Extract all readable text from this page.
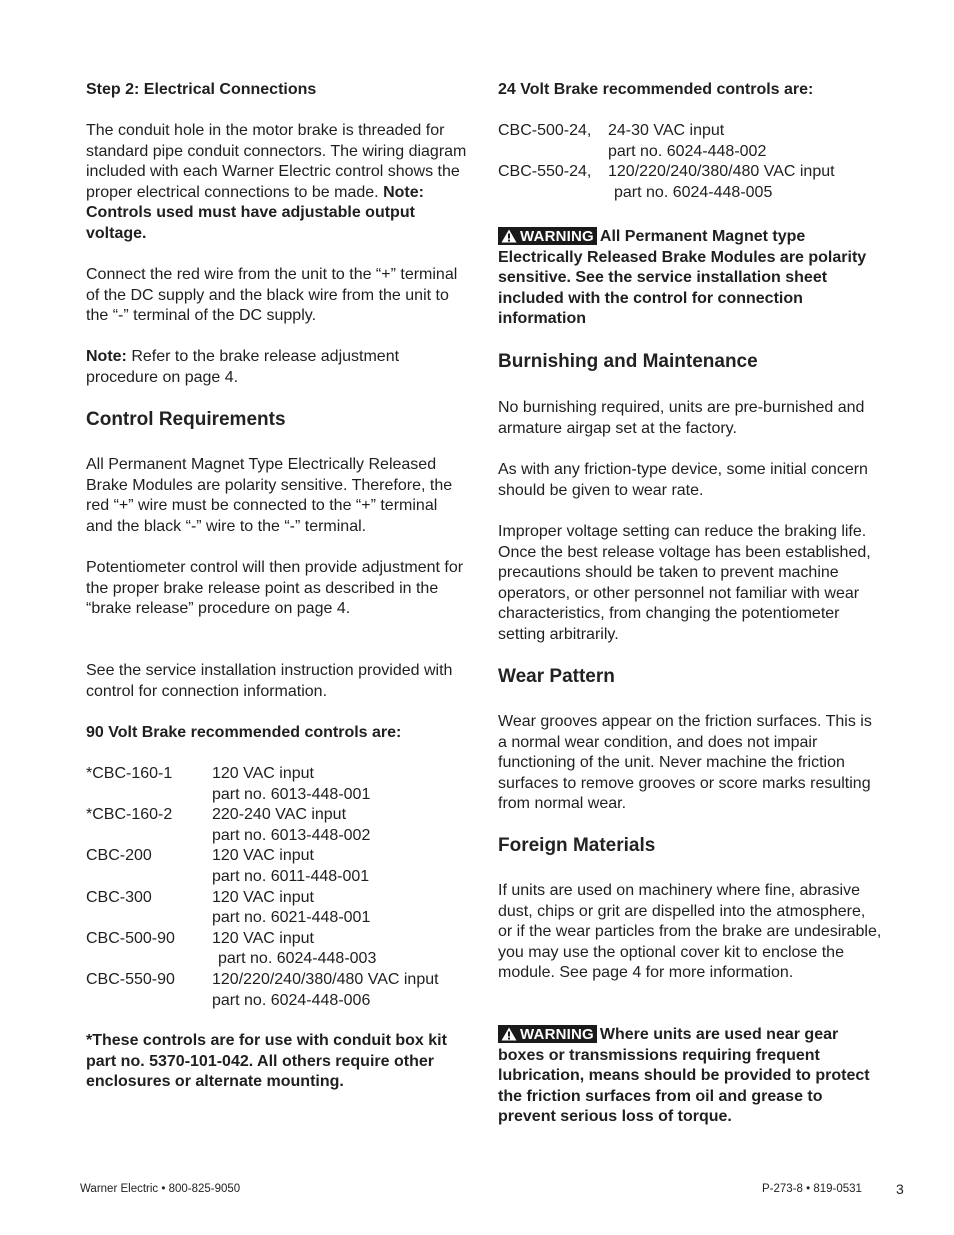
Step 2: Electrical Connections
The conduit hole in the motor brake is threaded for standard pipe conduit connectors. The wiring diagram included with each Warner Electric control shows the proper electrical connections to be made. Note: Controls used must have adjustable output voltage.
Connect the red wire from the unit to the “+” terminal of the DC supply and the black wire from the unit to the “-” terminal of the DC supply.
Note: Refer to the brake release adjustment procedure on page 4.
Control Requirements
All Permanent Magnet Type Electrically Released Brake Modules are polarity sensitive. Therefore, the red “+” wire must be connected to the “+” terminal and the black “-” wire to the “-” terminal.
Potentiometer control will then provide adjustment for the proper brake release point as described in the “brake release” procedure on page 4.
See the service installation instruction provided with control for connection information.
90 Volt Brake recommended controls are:
*CBC-160-1	120 VAC input
part no. 6013-448-001
*CBC-160-2	220-240 VAC input
part no. 6013-448-002
CBC-200	120 VAC input
part no. 6011-448-001
CBC-300	120 VAC input
part no. 6021-448-001
CBC-500-90	120 VAC input
part no. 6024-448-003
CBC-550-90	120/220/240/380/480 VAC input
part no. 6024-448-006
*These controls are for use with conduit box kit part no. 5370-101-042. All others require other enclosures or alternate mounting.
24 Volt Brake recommended controls are:
CBC-500-24,	24-30 VAC input
part no. 6024-448-002
CBC-550-24,	120/220/240/380/480 VAC input
part no. 6024-448-005
WARNING All Permanent Magnet type Electrically Released Brake Modules are polarity sensitive. See the service installation sheet included with the control for connection information
Burnishing and Maintenance
No burnishing required, units are pre-burnished and armature airgap set at the factory.
As with any friction-type device, some initial concern should be given to wear rate.
Improper voltage setting can reduce the braking life. Once the best release voltage has been established, precautions should be taken to prevent machine operators, or other personnel not familiar with wear characteristics, from changing the potentiometer setting arbitrarily.
Wear Pattern
Wear grooves appear on the friction surfaces. This is a normal wear condition, and does not impair functioning of the unit. Never machine the friction surfaces to remove grooves or score marks resulting from normal wear.
Foreign Materials
If units are used on machinery where fine, abrasive dust, chips or grit are dispelled into the atmosphere, or if the wear particles from the brake are undesirable, you may use the optional cover kit to enclose the module. See page 4 for more information.
WARNING Where units are used near gear boxes or transmissions requiring frequent lubrication, means should be provided to protect the friction surfaces from oil and grease to prevent serious loss of torque.
Warner Electric • 800-825-9050	P-273-8 • 819-0531 3
